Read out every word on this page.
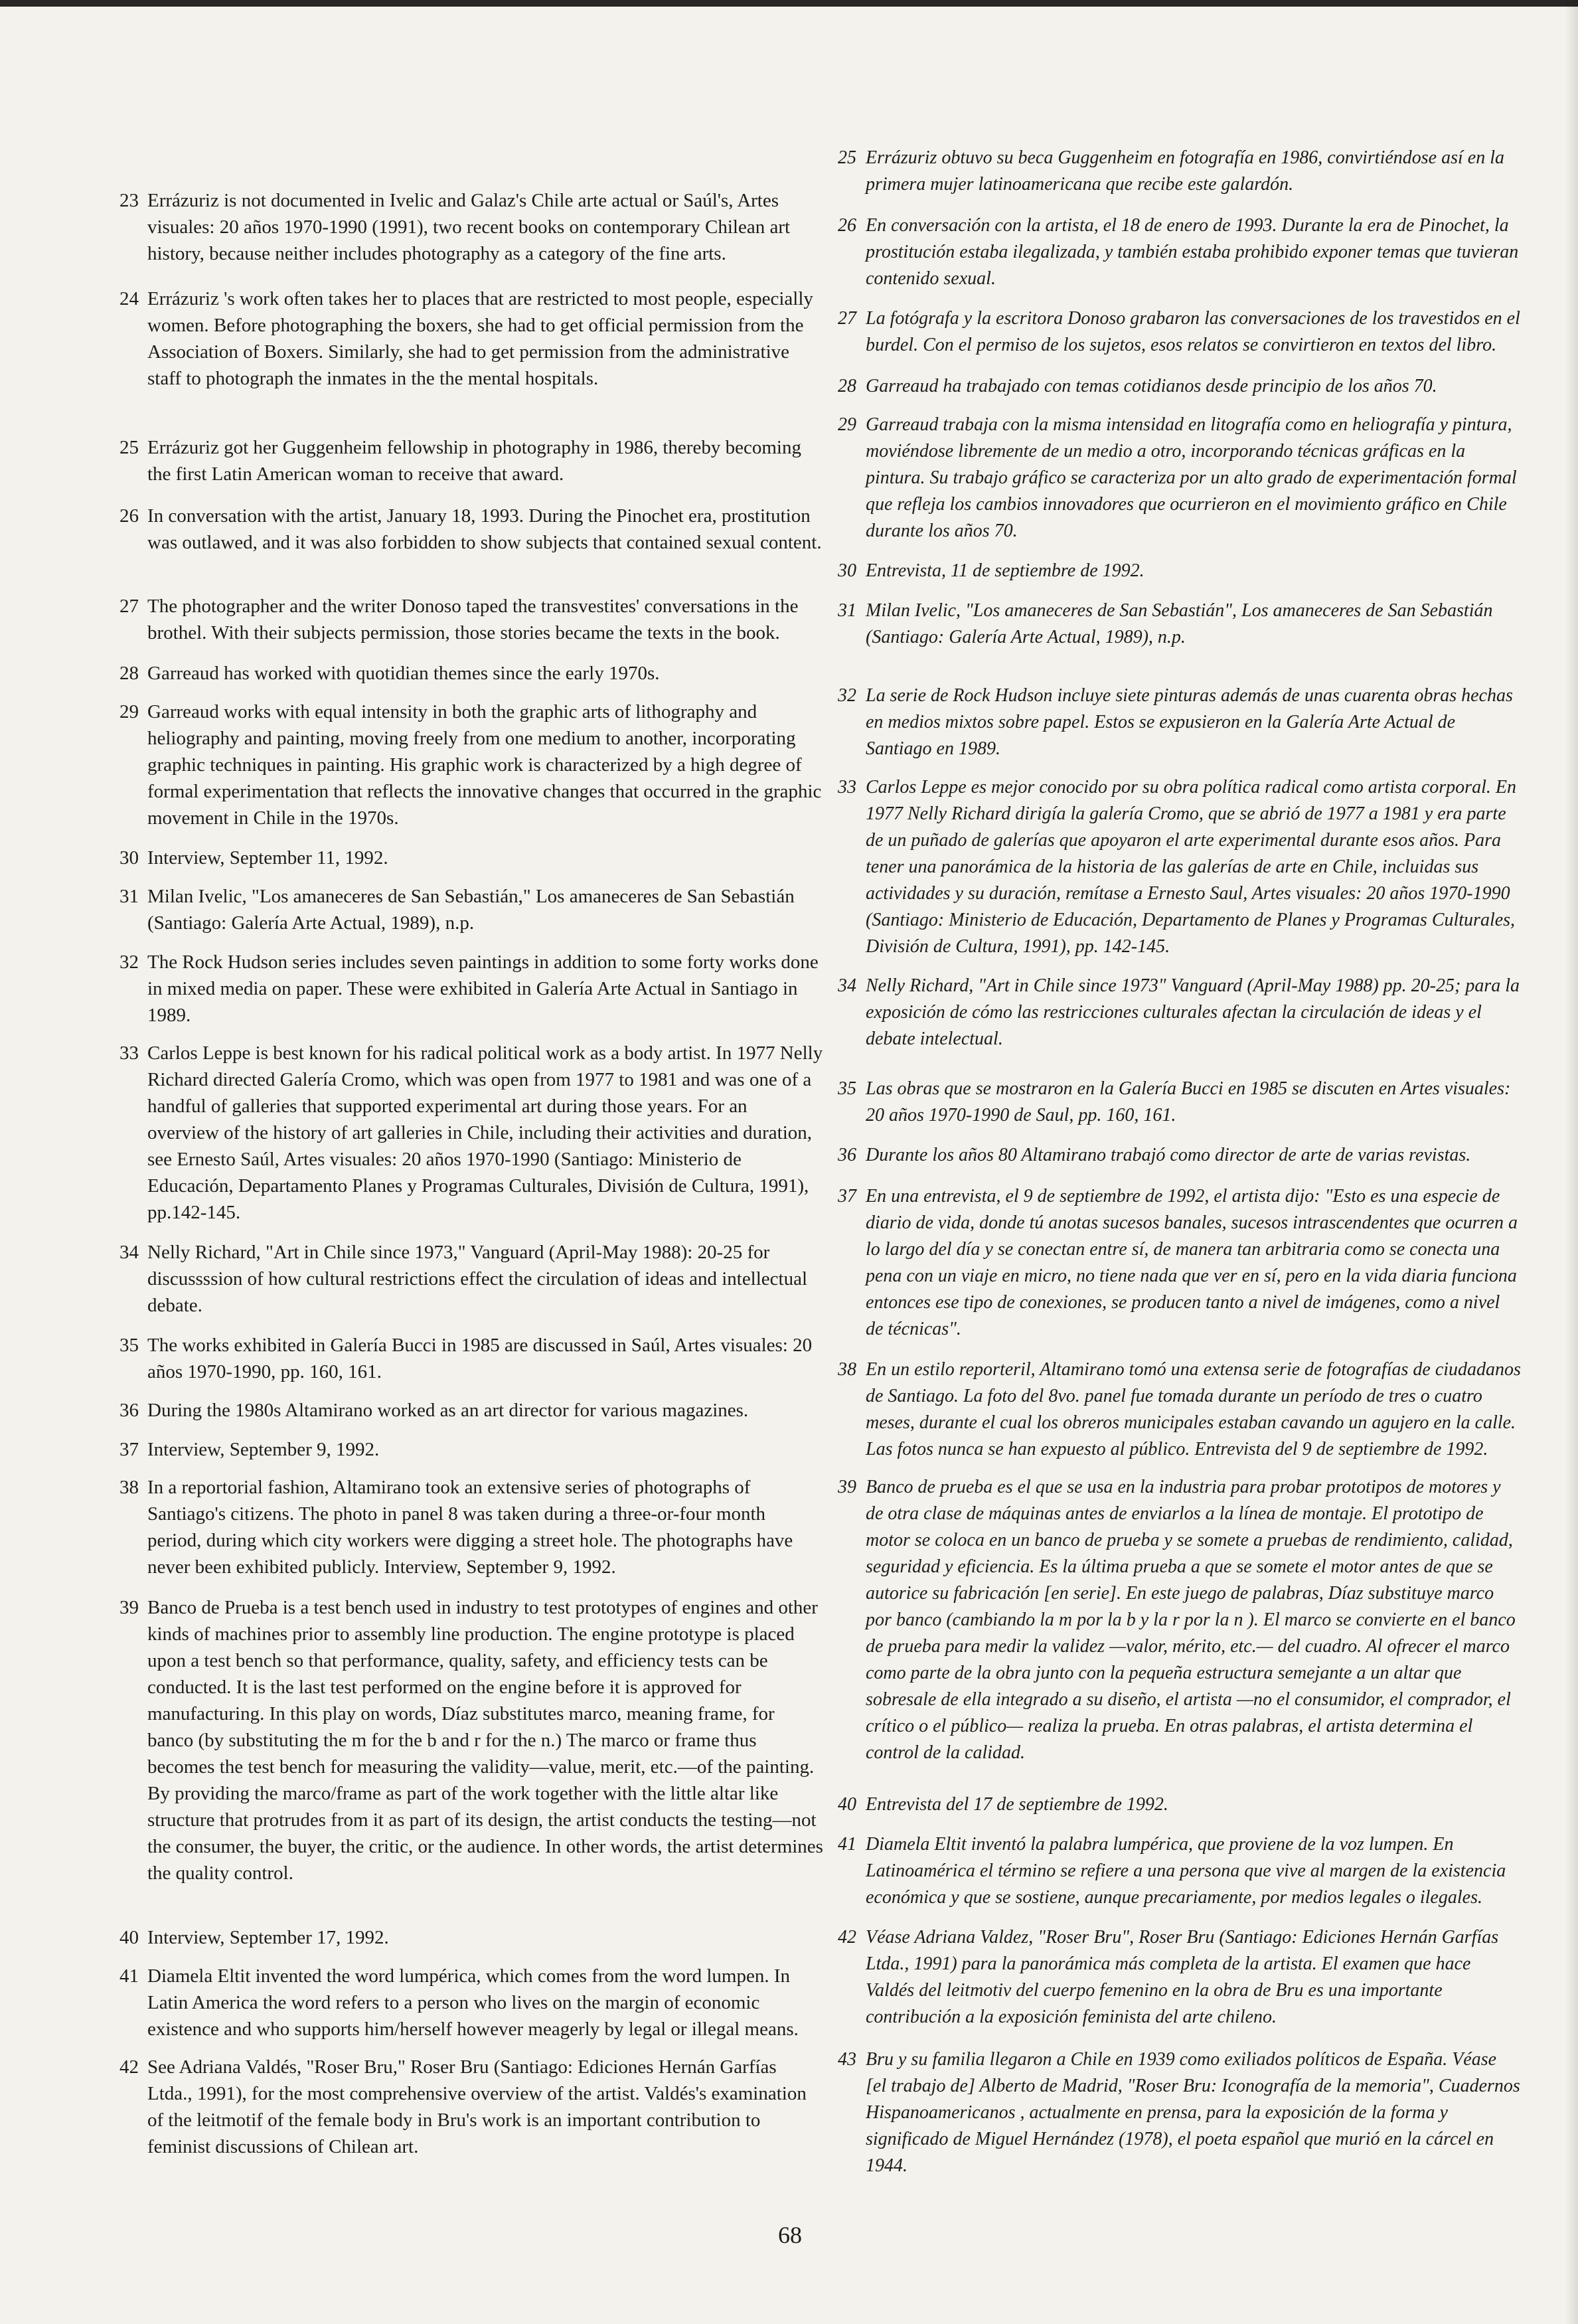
23 Errázuriz is not documented in Ivelic and Galaz's Chile arte actual or Saúl's, Artes visuales: 20 años 1970-1990 (1991), two recent books on contemporary Chilean art history, because neither includes photography as a category of the fine arts.
24 Errázuriz 's work often takes her to places that are restricted to most people, especially women. Before photographing the boxers, she had to get official permission from the Association of Boxers. Similarly, she had to get permission from the administrative staff to photograph the inmates in the the mental hospitals.
25 Errázuriz got her Guggenheim fellowship in photography in 1986, thereby becoming the first Latin American woman to receive that award.
26 In conversation with the artist, January 18, 1993. During the Pinochet era, prostitution was outlawed, and it was also forbidden to show subjects that contained sexual content.
27 The photographer and the writer Donoso taped the transvestites' conversations in the brothel. With their subjects permission, those stories became the texts in the book.
28 Garreaud has worked with quotidian themes since the early 1970s.
29 Garreaud works with equal intensity in both the graphic arts of lithography and heliography and painting, moving freely from one medium to another, incorporating graphic techniques in painting. His graphic work is characterized by a high degree of formal experimentation that reflects the innovative changes that occurred in the graphic movement in Chile in the 1970s.
30 Interview, September 11, 1992.
31 Milan Ivelic, "Los amaneceres de San Sebastián," Los amaneceres de San Sebastián (Santiago: Galería Arte Actual, 1989), n.p.
32 The Rock Hudson series includes seven paintings in addition to some forty works done in mixed media on paper. These were exhibited in Galería Arte Actual in Santiago in 1989.
33 Carlos Leppe is best known for his radical political work as a body artist. In 1977 Nelly Richard directed Galería Cromo, which was open from 1977 to 1981 and was one of a handful of galleries that supported experimental art during those years. For an overview of the history of art galleries in Chile, including their activities and duration, see Ernesto Saúl, Artes visuales: 20 años 1970-1990 (Santiago: Ministerio de Educación, Departamento Planes y Programas Culturales, División de Cultura, 1991), pp.142-145.
34 Nelly Richard, "Art in Chile since 1973," Vanguard (April-May 1988): 20-25 for discussssion of how cultural restrictions effect the circulation of ideas and intellectual debate.
35 The works exhibited in Galería Bucci in 1985 are discussed in Saúl, Artes visuales: 20 años 1970-1990, pp. 160, 161.
36 During the 1980s Altamirano worked as an art director for various magazines.
37 Interview, September 9, 1992.
38 In a reportorial fashion, Altamirano took an extensive series of photographs of Santiago's citizens. The photo in panel 8 was taken during a three-or-four month period, during which city workers were digging a street hole. The photographs have never been exhibited publicly. Interview, September 9, 1992.
39 Banco de Prueba is a test bench used in industry to test prototypes of engines and other kinds of machines prior to assembly line production. The engine prototype is placed upon a test bench so that performance, quality, safety, and efficiency tests can be conducted. It is the last test performed on the engine before it is approved for manufacturing. In this play on words, Díaz substitutes marco, meaning frame, for banco (by substituting the m for the b and r for the n.) The marco or frame thus becomes the test bench for measuring the validity—value, merit, etc.—of the painting. By providing the marco/frame as part of the work together with the little altar like structure that protrudes from it as part of its design, the artist conducts the testing—not the consumer, the buyer, the critic, or the audience. In other words, the artist determines the quality control.
40 Interview, September 17, 1992.
41 Diamela Eltit invented the word lumpérica, which comes from the word lumpen. In Latin America the word refers to a person who lives on the margin of economic existence and who supports him/herself however meagerly by legal or illegal means.
42 See Adriana Valdés, "Roser Bru," Roser Bru (Santiago: Ediciones Hernán Garfías Ltda., 1991), for the most comprehensive overview of the artist. Valdés's examination of the leitmotif of the female body in Bru's work is an important contribution to feminist discussions of Chilean art.
25 Errázuriz obtuvo su beca Guggenheim en fotografía en 1986, convirtiéndose así en la primera mujer latinoamericana que recibe este galardón.
26 En conversación con la artista, el 18 de enero de 1993. Durante la era de Pinochet, la prostitución estaba ilegalizada, y también estaba prohibido exponer temas que tuvieran contenido sexual.
27 La fotógrafa y la escritora Donoso grabaron las conversaciones de los travestidos en el burdel. Con el permiso de los sujetos, esos relatos se convirtieron en textos del libro.
28 Garreaud ha trabajado con temas cotidianos desde principio de los años 70.
29 Garreaud trabaja con la misma intensidad en litografía como en heliografía y pintura, moviéndose libremente de un medio a otro, incorporando técnicas gráficas en la pintura. Su trabajo gráfico se caracteriza por un alto grado de experimentación formal que refleja los cambios innovadores que ocurrieron en el movimiento gráfico en Chile durante los años 70.
30 Entrevista, 11 de septiembre de 1992.
31 Milan Ivelic, "Los amaneceres de San Sebastián", Los amaneceres de San Sebastián (Santiago: Galería Arte Actual, 1989), n.p.
32 La serie de Rock Hudson incluye siete pinturas además de unas cuarenta obras hechas en medios mixtos sobre papel. Estos se expusieron en la Galería Arte Actual de Santiago en 1989.
33 Carlos Leppe es mejor conocido por su obra política radical como artista corporal. En 1977 Nelly Richard dirigía la galería Cromo, que se abrió de 1977 a 1981 y era parte de un puñado de galerías que apoyaron el arte experimental durante esos años. Para tener una panorámica de la historia de las galerías de arte en Chile, incluidas sus actividades y su duración, remítase a Ernesto Saul, Artes visuales: 20 años 1970-1990 (Santiago: Ministerio de Educación, Departamento de Planes y Programas Culturales, División de Cultura, 1991), pp. 142-145.
34 Nelly Richard, "Art in Chile since 1973" Vanguard (April-May 1988) pp. 20-25; para la exposición de cómo las restricciones culturales afectan la circulación de ideas y el debate intelectual.
35 Las obras que se mostraron en la Galería Bucci en 1985 se discuten en Artes visuales: 20 años 1970-1990 de Saul, pp. 160, 161.
36 Durante los años 80 Altamirano trabajó como director de arte de varias revistas.
37 En una entrevista, el 9 de septiembre de 1992, el artista dijo: "Esto es una especie de diario de vida, donde tú anotas sucesos banales, sucesos intrascendentes que ocurren a lo largo del día y se conectan entre sí, de manera tan arbitraria como se conecta una pena con un viaje en micro, no tiene nada que ver en sí, pero en la vida diaria funciona entonces ese tipo de conexiones, se producen tanto a nivel de imágenes, como a nivel de técnicas".
38 En un estilo reporteril, Altamirano tomó una extensa serie de fotografías de ciudadanos de Santiago. La foto del 8vo. panel fue tomada durante un período de tres o cuatro meses, durante el cual los obreros municipales estaban cavando un agujero en la calle. Las fotos nunca se han expuesto al público. Entrevista del 9 de septiembre de 1992.
39 Banco de prueba es el que se usa en la industria para probar prototipos de motores y de otra clase de máquinas antes de enviarlos a la línea de montaje. El prototipo de motor se coloca en un banco de prueba y se somete a pruebas de rendimiento, calidad, seguridad y eficiencia. Es la última prueba a que se somete el motor antes de que se autorice su fabricación [en serie]. En este juego de palabras, Díaz substituye marco por banco (cambiando la m por la b y la r por la n ). El marco se convierte en el banco de prueba para medir la validez —valor, mérito, etc.— del cuadro. Al ofrecer el marco como parte de la obra junto con la pequeña estructura semejante a un altar que sobresale de ella integrado a su diseño, el artista —no el consumidor, el comprador, el crítico o el público— realiza la prueba. En otras palabras, el artista determina el control de la calidad.
40 Entrevista del 17 de septiembre de 1992.
41 Diamela Eltit inventó la palabra lumpérica, que proviene de la voz lumpen. En Latinoamérica el término se refiere a una persona que vive al margen de la existencia económica y que se sostiene, aunque precariamente, por medios legales o ilegales.
42 Véase Adriana Valdez, "Roser Bru", Roser Bru (Santiago: Ediciones Hernán Garfías Ltda., 1991) para la panorámica más completa de la artista. El examen que hace Valdés del leitmotiv del cuerpo femenino en la obra de Bru es una importante contribución a la exposición feminista del arte chileno.
43 Bru y su familia llegaron a Chile en 1939 como exiliados políticos de España. Véase [el trabajo de] Alberto de Madrid, "Roser Bru: Iconografía de la memoria", Cuadernos Hispanoamericanos , actualmente en prensa, para la exposición de la forma y significado de Miguel Hernández (1978), el poeta español que murió en la cárcel en 1944.
68
